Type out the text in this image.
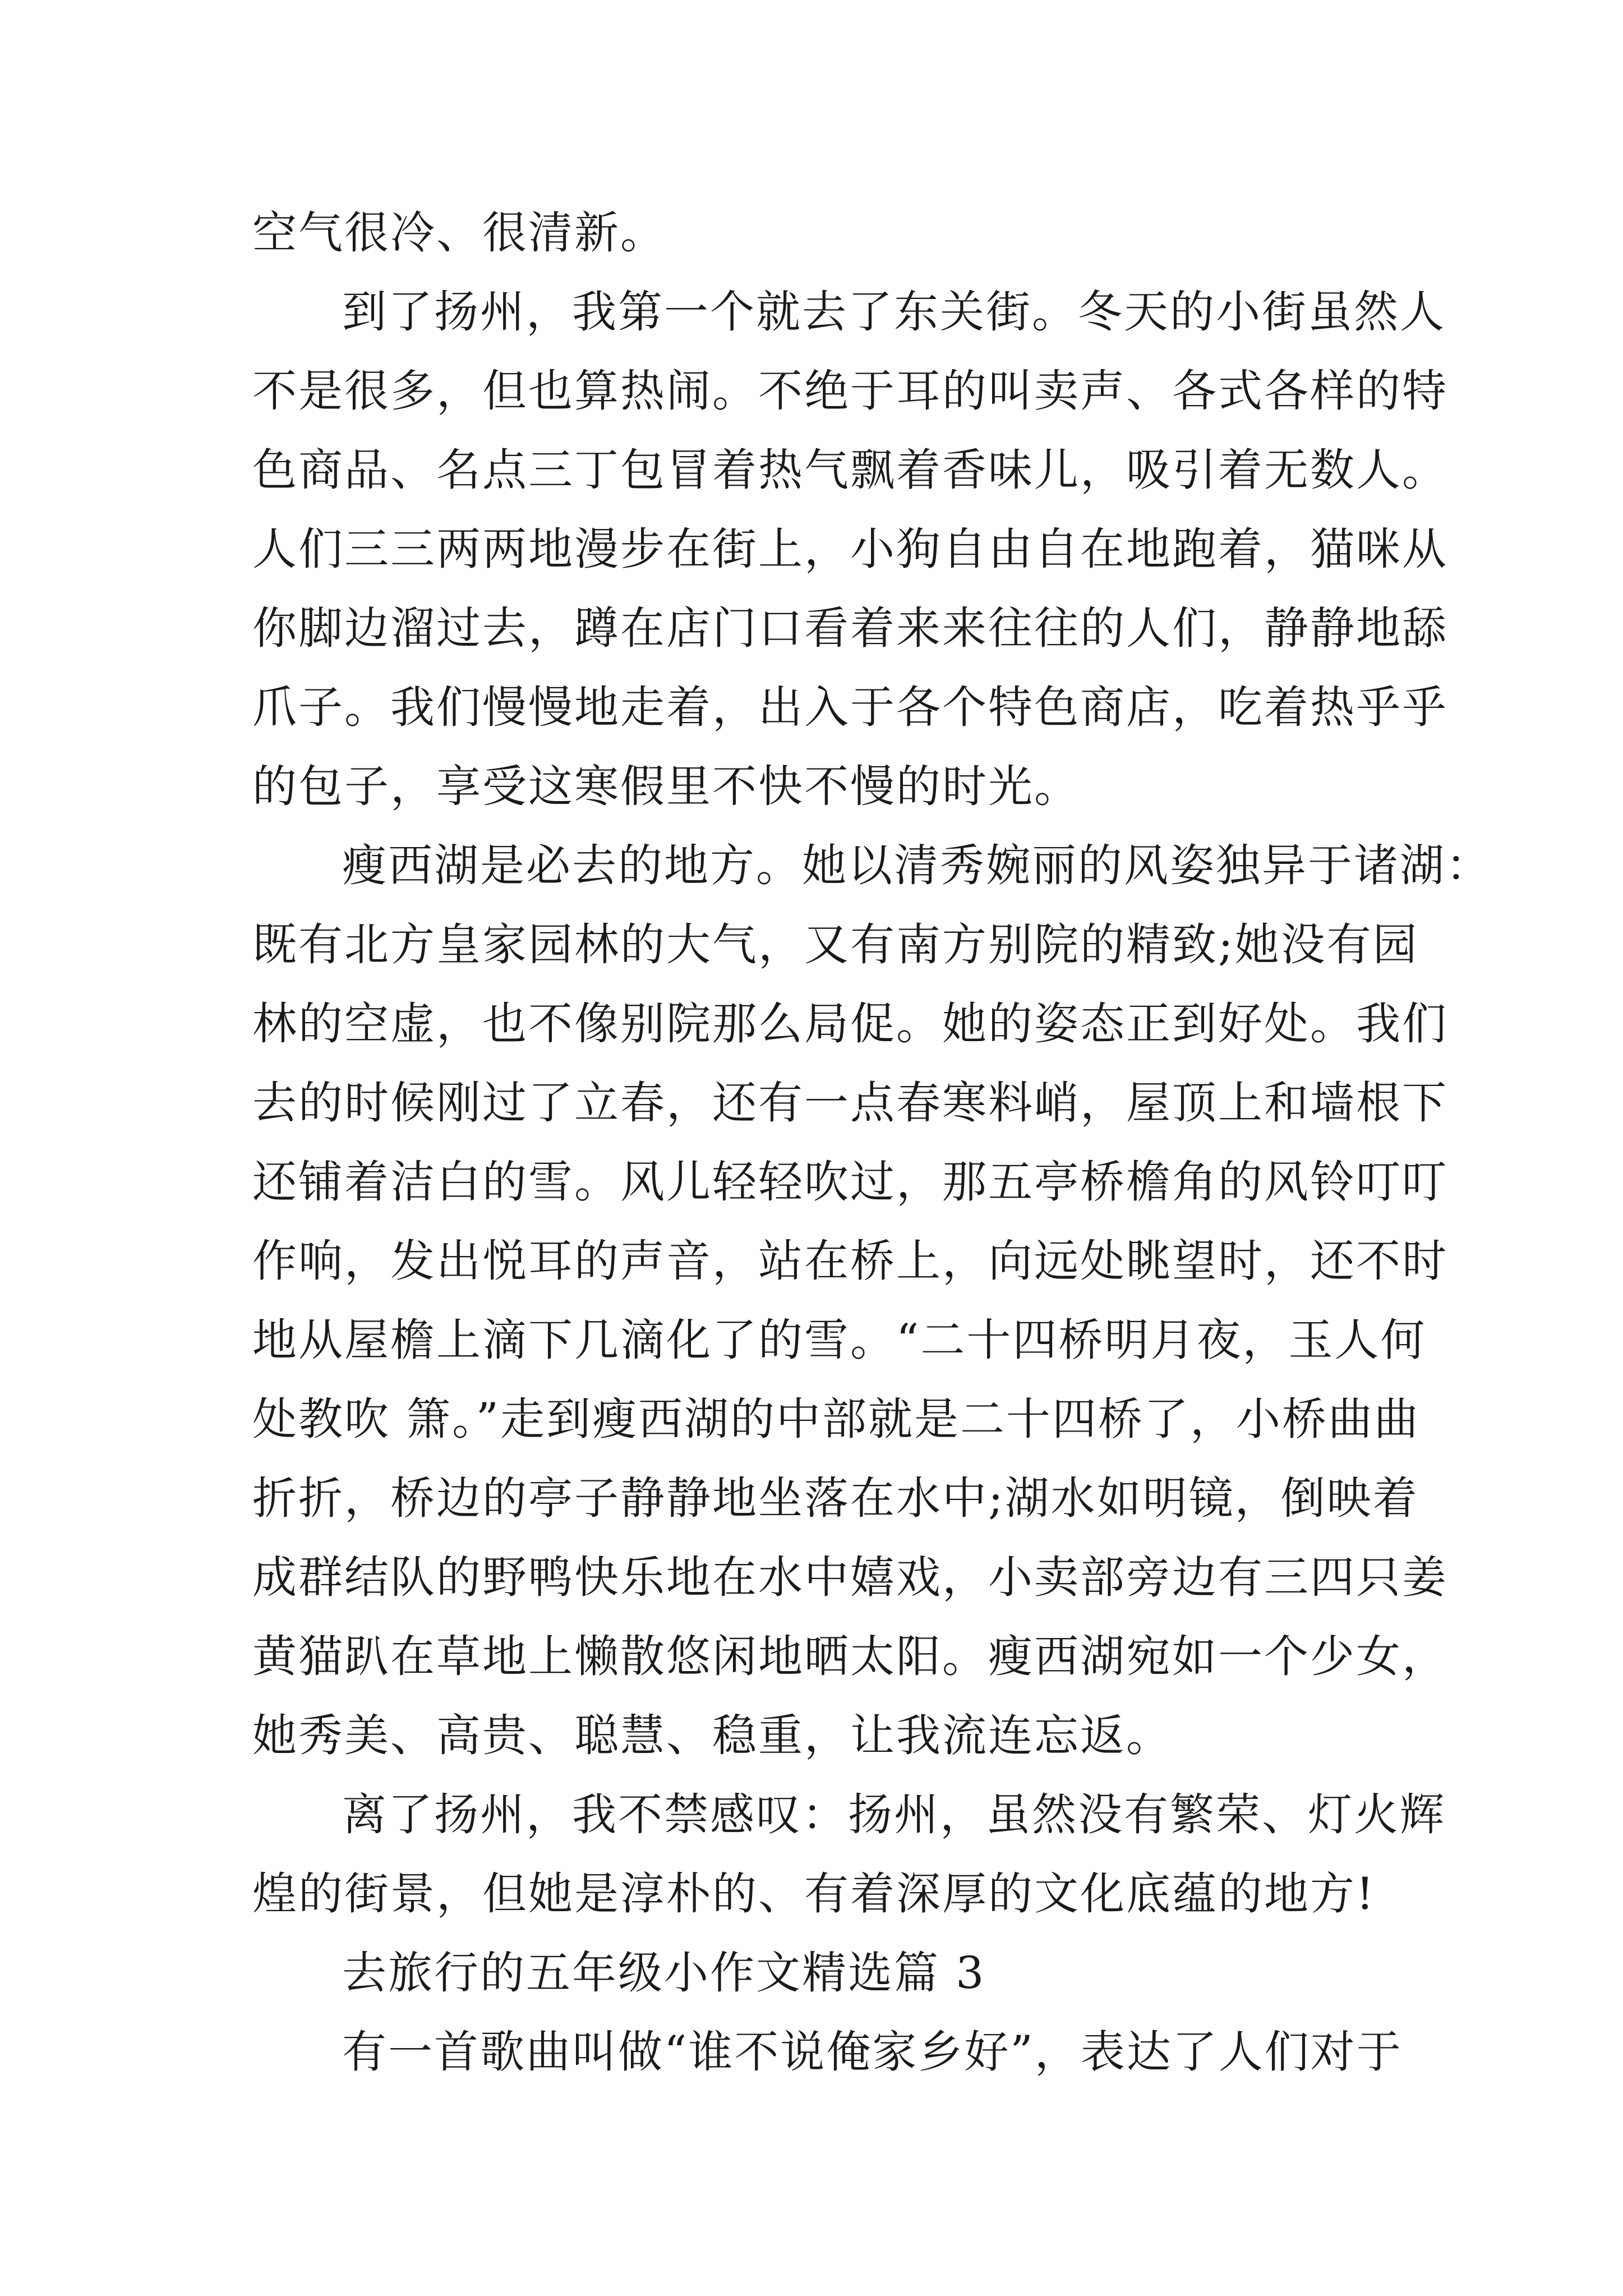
空气很冷、很清新。
到了扬州，我第一个就去了东关街。冬天的小街虽然人
不是很多，但也算热闹。不绝于耳的叫卖声、各式各样的特
色商品、名点三丁包冒着热气飘着香味儿，吸引着无数人。
人们三三两两地漫步在街上，小狗自由自在地跑着，猫咪从
你脚边溜过去，蹲在店门口看着来来往往的人们，静静地舔
爪子。我们慢慢地走着，出入于各个特色商店，吃着热乎乎
的包子，享受这寒假里不快不慢的时光。
瘦西湖是必去的地方。她以清秀婉丽的风姿独异于诸湖：
既有北方皇家园林的大气，又有南方别院的精致;她没有园
林的空虚，也不像别院那么局促。她的姿态正到好处。我们
去的时候刚过了立春，还有一点春寒料峭，屋顶上和墙根下
还铺着洁白的雪。风儿轻轻吹过，那五亭桥檐角的风铃叮叮
作响，发出悦耳的声音，站在桥上，向远处眺望时，还不时
地从屋檐上滴下几滴化了的雪。“二十四桥明月夜，玉人何
处教吹 箫。”走到瘦西湖的中部就是二十四桥了，小桥曲曲
折折，桥边的亭子静静地坐落在水中;湖水如明镜，倒映着
成群结队的野鸭快乐地在水中嬉戏，小卖部旁边有三四只姜
黄猫趴在草地上懒散悠闲地晒太阳。瘦西湖宛如一个少女，
她秀美、高贵、聪慧、稳重，让我流连忘返。
离了扬州，我不禁感叹：扬州，虽然没有繁荣、灯火辉
煌的街景，但她是淳朴的、有着深厚的文化底蕴的地方!
去旅行的五年级小作文精选篇 3
有一首歌曲叫做“谁不说俺家乡好”，表达了人们对于
